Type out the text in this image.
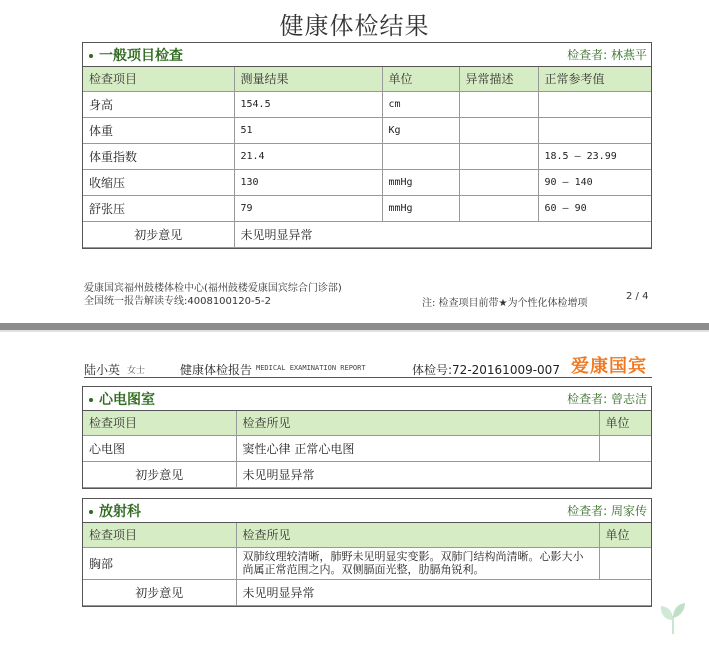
健康体检结果
一般项目检查	检查者: 林燕平
检查项目	测量结果	单位	异常描述	正常参考值
身高	154.5	cm		
体重	51	Kg		
体重指数	21.4			18.5 — 23.99
收缩压	130	mmHg		90 — 140
舒张压	79	mmHg		60 — 90
初步意见	未见明显异常			
爱康国宾福州鼓楼体检中心(福州鼓楼爱康国宾综合门诊部)
全国统一报告解读专线:4008100120-5-2	注: 检查项目前带★为个性化体检增项
2 / 4
陆小英 女士	健康体检报告 MEDICAL EXAMINATION REPORT	体检号:72-20161009-007 爱康国宾
心电图室	检查者: 曾志洁
检查项目	检查所见	单位
心电图	窦性心律 正常心电图	
初步意见	未见明显异常	
放射科	检查者: 周家传
检查项目	检查所见	单位
胸部	双肺纹理较清晰，肺野未见明显实变影。双肺门结构尚清晰。心影大小尚属正常范围之内。双侧膈面光整，肋膈角锐利。	
初步意见	未见明显异常	
